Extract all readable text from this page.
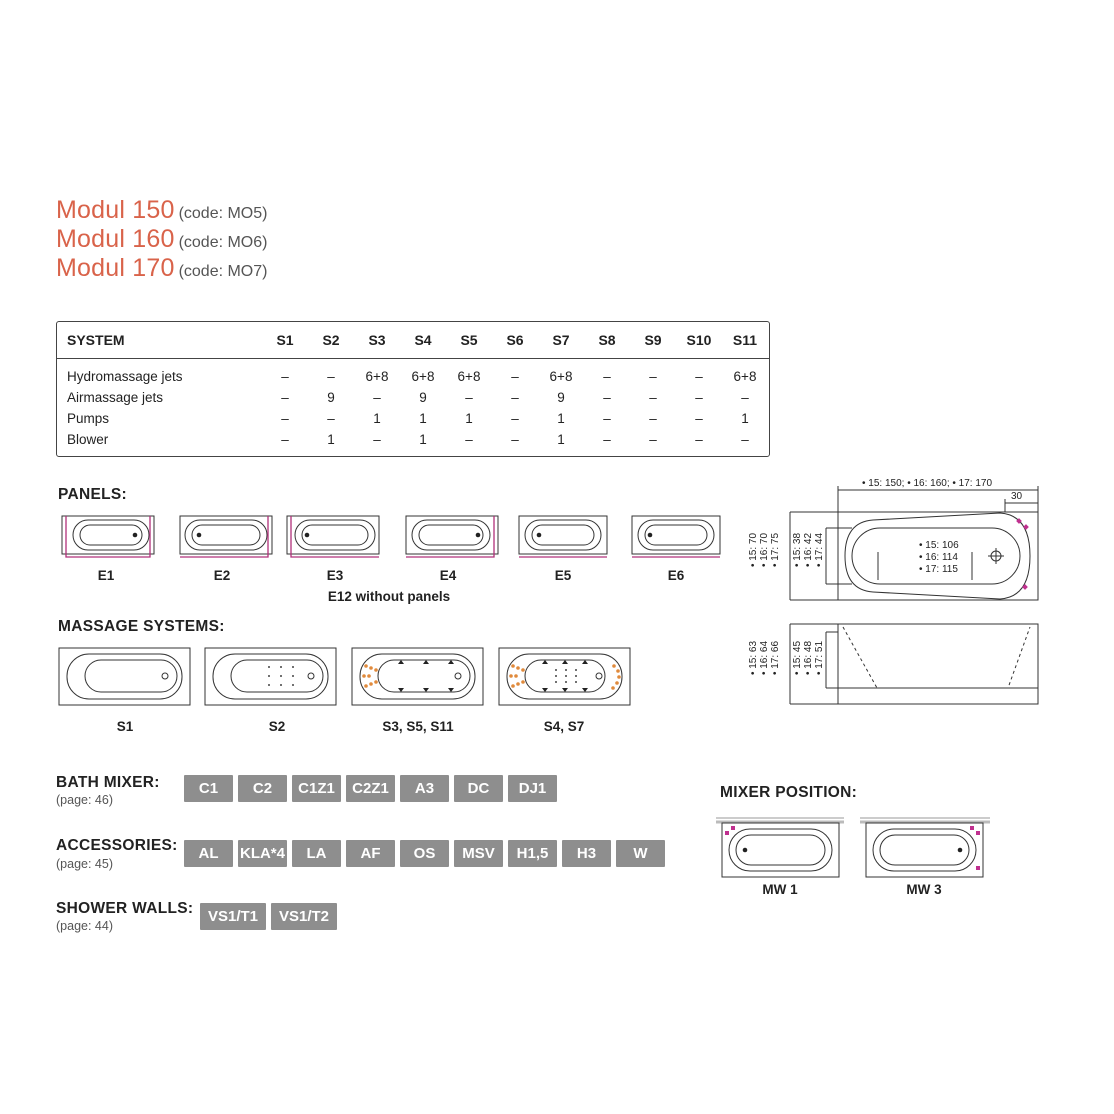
Modul 150 (code: MO5)
Modul 160 (code: MO6)
Modul 170 (code: MO7)
SYSTEM	S1 S2 S3 S4 S5 S6 S7 S8 S9 S10 S11
Hydromassage jets	–	– 6+8 6+8 6+8 – 6+8 –	–	– 6+8
Airmassage jets	–	9	–	9	–	–	9	–	–	–	–
Pumps	–	–	1	1	1	–	1	–	–	–	1
Blower	–	1	–	1	–	–	1	–	–	–	–
PANELS:
E1	E2	E3	E4	E5	E6
E12 without panels
MASSAGE SYSTEMS:
S1	S2	S3, S5, S11	S4, S7
• 15: 150; • 16: 160; • 17: 170
30
• 15: 106
• 16: 114
• 17: 115
• 15: 70 • 16: 70 • 17: 75 • 15: 38 • 16: 42 • 17: 44
• 15: 63 • 16: 64 • 17: 66 • 15: 45 • 16: 48 • 17: 51
BATH MIXER:
(page: 46)
C1	C2	C1Z1	C2Z1	A3	DC	DJ1
ACCESSORIES:
(page: 45)
AL	KLA*4	LA	AF	OS	MSV	H1,5	H3	W
SHOWER WALLS:
(page: 44)
VS1/T1	VS1/T2
MIXER POSITION:
MW 1	MW 3
